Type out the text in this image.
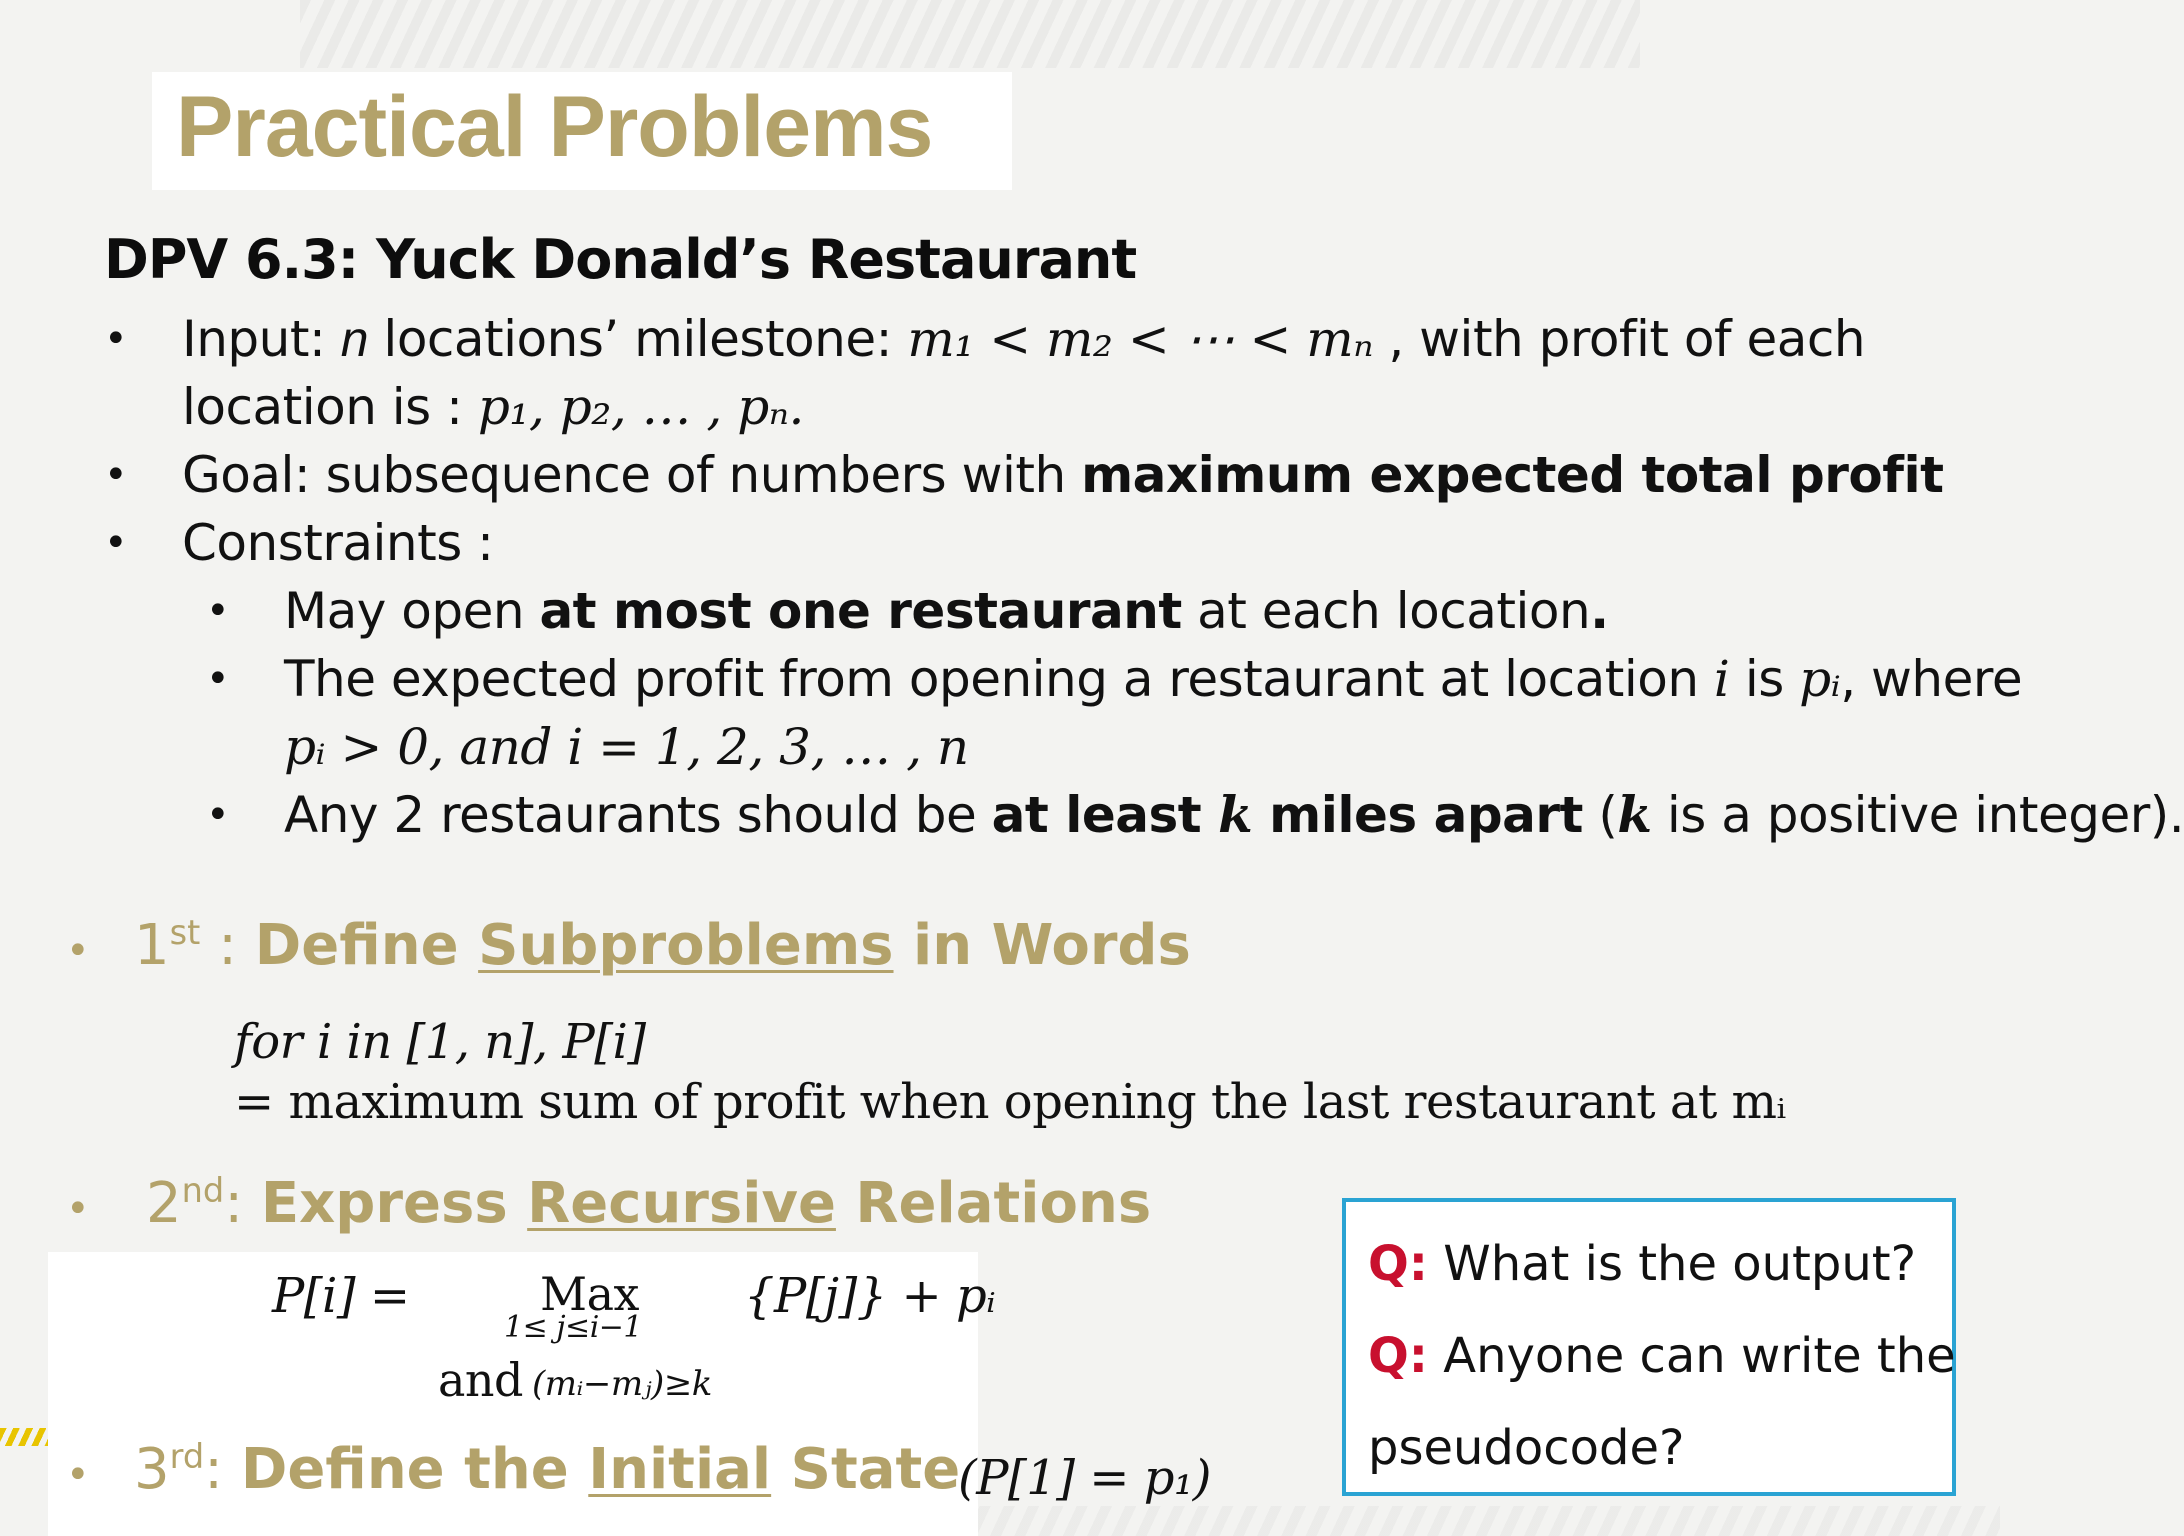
Practical Problems
DPV 6.3: Yuck Donald’s Restaurant
• Input: n locations’ milestone: m₁ < m₂ < ⋯ < mₙ , with profit of each
location is : p₁, p₂, … , pₙ.
• Goal: subsequence of numbers with maximum expected total profit
• Constraints :
• May open at most one restaurant at each location.
• The expected profit from opening a restaurant at location i is pᵢ, where
pᵢ > 0, and i = 1, 2, 3, … , n
• Any 2 restaurants should be at least k miles apart (k is a positive integer).
• 1st : Define Subproblems in Words
for i in [1, n], P[i]
= maximum sum of profit when opening the last restaurant at mᵢ
• 2nd: Express Recursive Relations
P[i] =	Max
1≤ j≤i−1
{P[j]} + pᵢ
and (mᵢ−mⱼ)≥k
• 3rd: Define the Initial State
(P[1] = p₁)
Q: What is the output?
Q: Anyone can write the
pseudocode?
